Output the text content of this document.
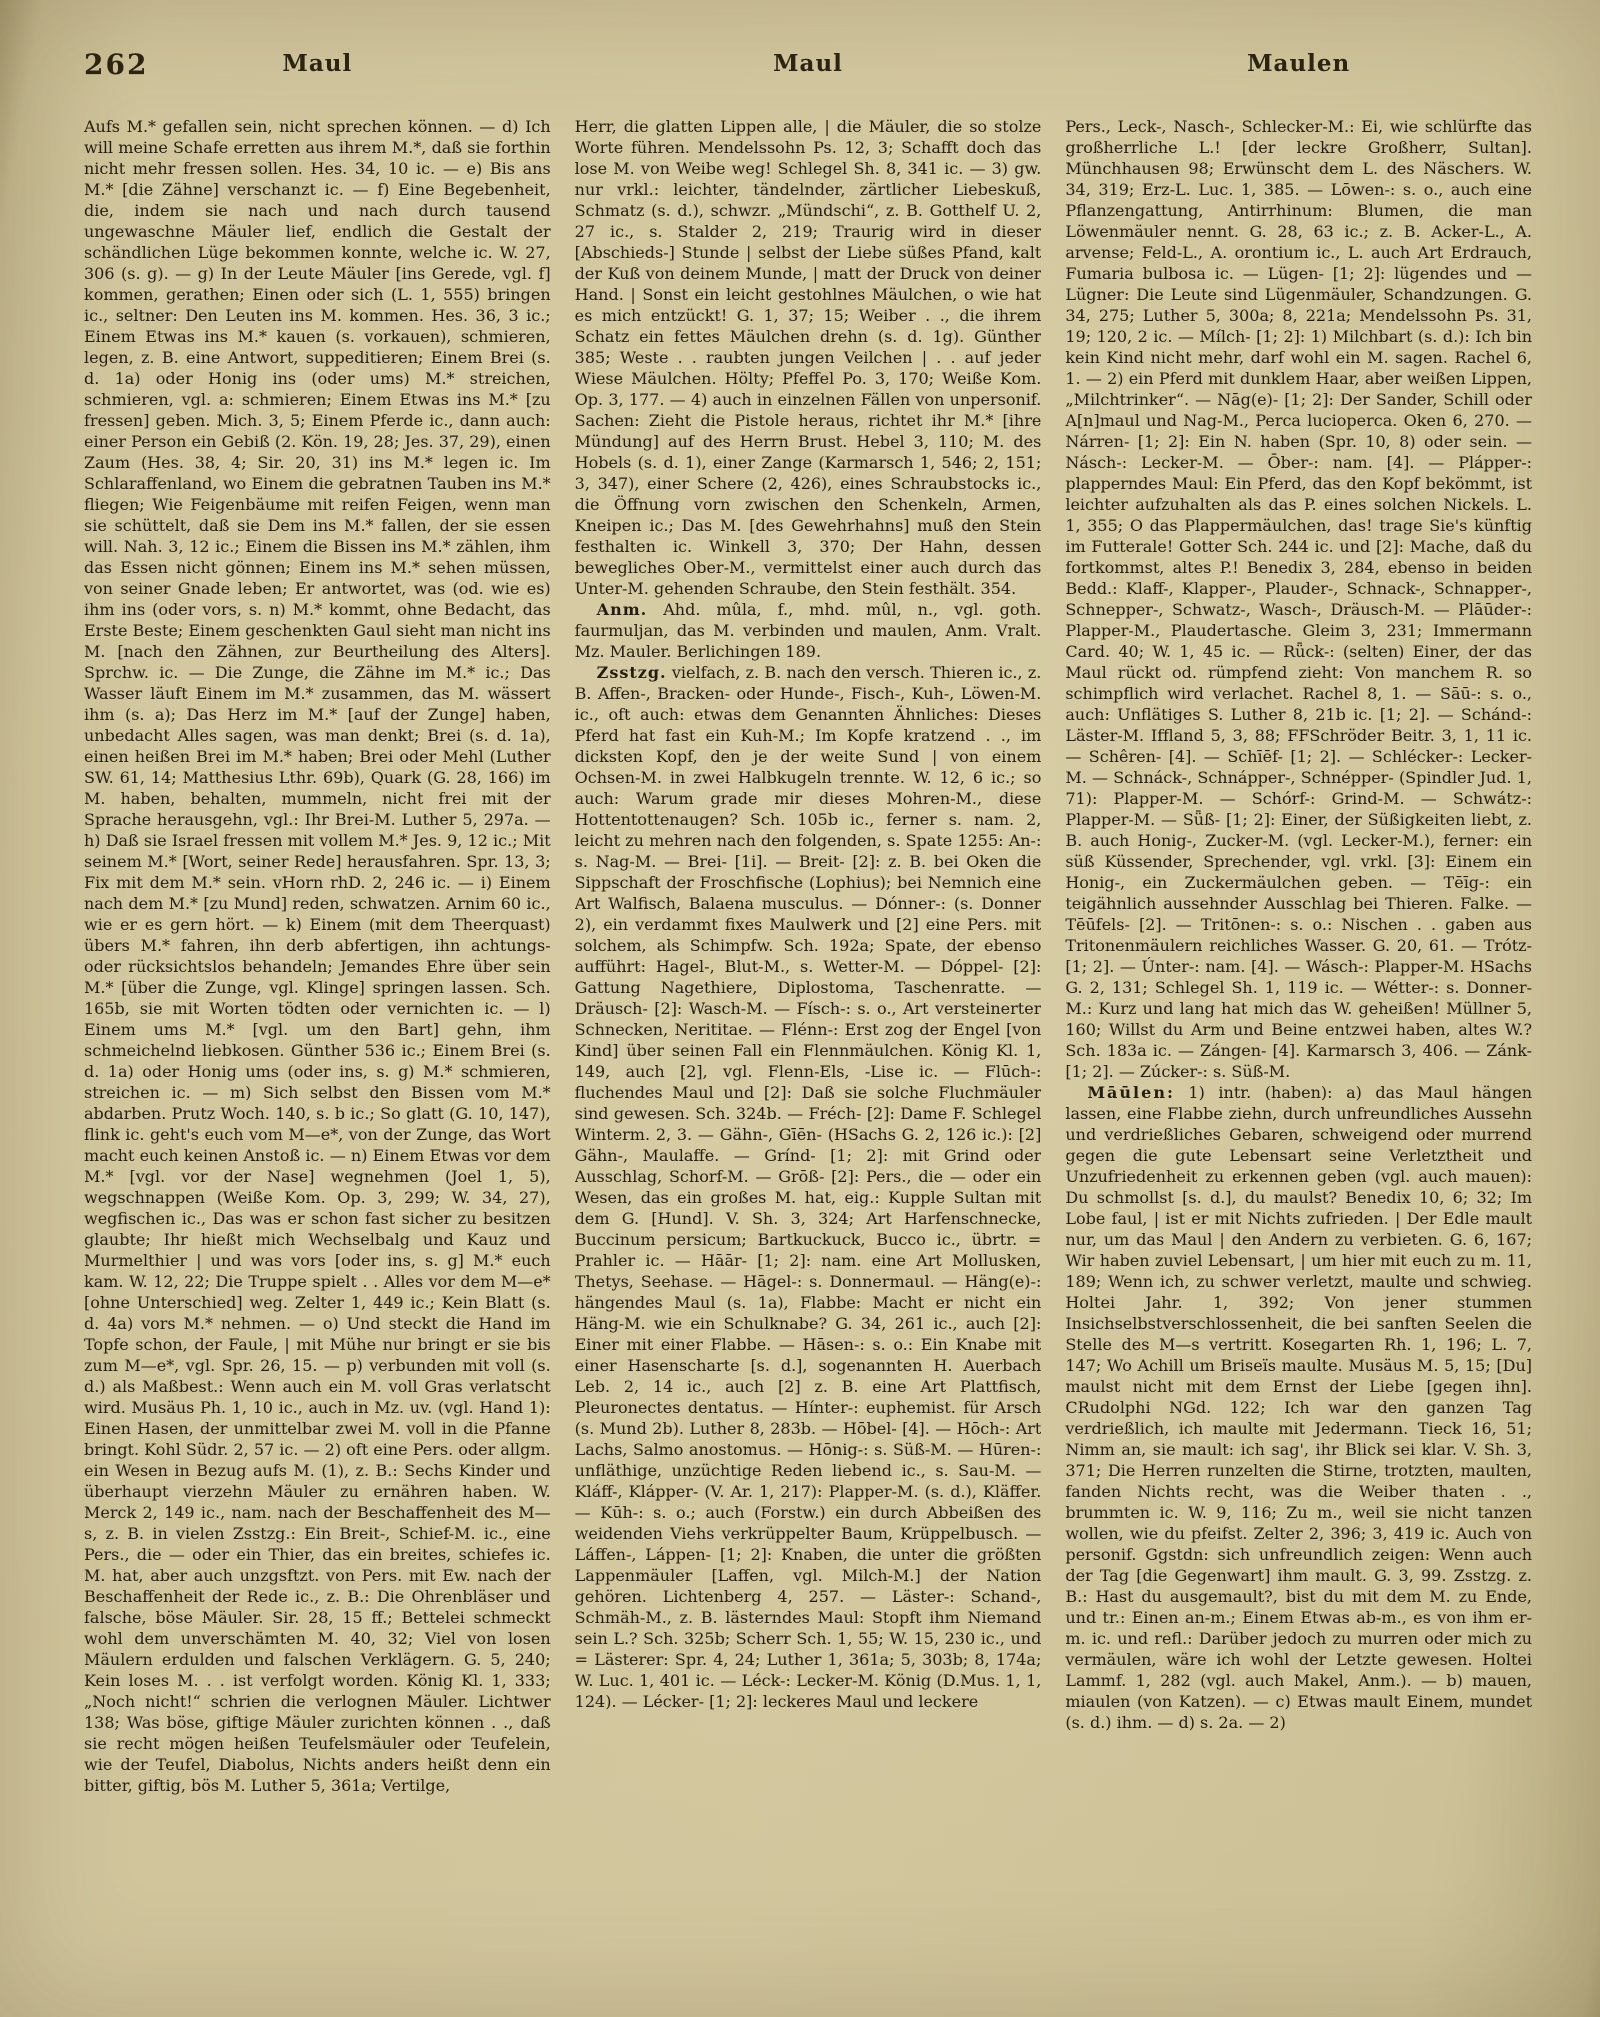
262	Maul	Maul	Maulen

Aufs M.* gefallen sein, nicht sprechen können. — d) Ich will meine Schafe erretten aus ihrem M.*, daß sie forthin nicht mehr fressen sollen. Hes. 34, 10 ic. — e) Bis ans M.* [die Zähne] verschanzt ic. — f) Eine Begebenheit, die, indem sie nach und nach durch tausend ungewaschne Mäuler lief, endlich die Gestalt der schändlichen Lüge bekommen konnte, welche ic. W. 27, 306 (s. g). — g) In der Leute Mäuler [ins Gerede, vgl. f] kommen, gerathen; Einen oder sich (L. 1, 555) bringen ic., seltner: Den Leuten ins M. kommen. Hes. 36, 3 ic.; Einem Etwas ins M.* kauen (s. vorkauen), schmieren, legen, z. B. eine Antwort, suppeditieren; Einem Brei (s. d. 1a) oder Honig ins (oder ums) M.* streichen, schmieren, vgl. a: schmieren; Einem Etwas ins M.* [zu fressen] geben. Mich. 3, 5; Einem Pferde ic., dann auch: einer Person ein Gebiß (2. Kön. 19, 28; Jes. 37, 29), einen Zaum (Hes. 38, 4; Sir. 20, 31) ins M.* legen ic. Im Schlaraffenland, wo Einem die gebratnen Tauben ins M.* fliegen; Wie Feigenbäume mit reifen Feigen, wenn man sie schüttelt, daß sie Dem ins M.* fallen, der sie essen will. Nah. 3, 12 ic.; Einem die Bissen ins M.* zählen, ihm das Essen nicht gönnen; Einem ins M.* sehen müssen, von seiner Gnade leben; Er antwortet, was (od. wie es) ihm ins (oder vors, s. n) M.* kommt, ohne Bedacht, das Erste Beste; Einem geschenkten Gaul sieht man nicht ins M. [nach den Zähnen, zur Beurtheilung des Alters]. Sprchw. ic. — Die Zunge, die Zähne im M.* ic.; Das Wasser läuft Einem im M.* zusammen, das M. wässert ihm (s. a); Das Herz im M.* [auf der Zunge] haben, unbedacht Alles sagen, was man denkt; Brei (s. d. 1a), einen heißen Brei im M.* haben; Brei oder Mehl (Luther SW. 61, 14; Matthesius Lthr. 69b), Quark (G. 28, 166) im M. haben, behalten, mummeln, nicht frei mit der Sprache herausgehn, vgl.: Ihr Brei-M. Luther 5, 297a. — h) Daß sie Israel fressen mit vollem M.* Jes. 9, 12 ic.; Mit seinem M.* [Wort, seiner Rede] herausfahren. Spr. 13, 3; Fix mit dem M.* sein. vHorn rhD. 2, 246 ic. — i) Einem nach dem M.* [zu Mund] reden, schwatzen. Arnim 60 ic., wie er es gern hört. — k) Einem (mit dem Theerquast) übers M.* fahren, ihn derb abfertigen, ihn achtungs- oder rücksichtslos behandeln; Jemandes Ehre über sein M.* [über die Zunge, vgl. Klinge] springen lassen. Sch. 165b, sie mit Worten tödten oder vernichten ic. — l) Einem ums M.* [vgl. um den Bart] gehn, ihm schmeichelnd liebkosen. Günther 536 ic.; Einem Brei (s. d. 1a) oder Honig ums (oder ins, s. g) M.* schmieren, streichen ic. — m) Sich selbst den Bissen vom M.* abdarben. Prutz Woch. 140, s. b ic.; So glatt (G. 10, 147), flink ic. geht's euch vom M—e*, von der Zunge, das Wort macht euch keinen Anstoß ic. — n) Einem Etwas vor dem M.* [vgl. vor der Nase] wegnehmen (Joel 1, 5), wegschnappen (Weiße Kom. Op. 3, 299; W. 34, 27), wegfischen ic., Das was er schon fast sicher zu besitzen glaubte; Ihr hießt mich Wechselbalg und Kauz und Murmelthier | und was vors [oder ins, s. g] M.* euch kam. W. 12, 22; Die Truppe spielt . . Alles vor dem M—e* [ohne Unterschied] weg. Zelter 1, 449 ic.; Kein Blatt (s. d. 4a) vors M.* nehmen. — o) Und steckt die Hand im Topfe schon, der Faule, | mit Mühe nur bringt er sie bis zum M—e*, vgl. Spr. 26, 15. — p) verbunden mit voll (s. d.) als Maßbest.: Wenn auch ein M. voll Gras verlatscht wird. Musäus Ph. 1, 10 ic., auch in Mz. uv. (vgl. Hand 1): Einen Hasen, der unmittelbar zwei M. voll in die Pfanne bringt. Kohl Südr. 2, 57 ic. — 2) oft eine Pers. oder allgm. ein Wesen in Bezug aufs M. (1), z. B.: Sechs Kinder und überhaupt vierzehn Mäuler zu ernähren haben. W. Merck 2, 149 ic., nam. nach der Beschaffenheit des M—s, z. B. in vielen Zsstzg.: Ein Breit-, Schief-M. ic., eine Pers., die — oder ein Thier, das ein breites, schiefes ic. M. hat, aber auch unzgsftzt. von Pers. mit Ew. nach der Beschaffenheit der Rede ic., z. B.: Die Ohrenbläser und falsche, böse Mäuler. Sir. 28, 15 ff.; Bettelei schmeckt wohl dem unverschämten M. 40, 32; Viel von losen Mäulern erdulden und falschen Verklägern. G. 5, 240; Kein loses M. . . ist verfolgt worden. König Kl. 1, 333; „Noch nicht!“ schrien die verlognen Mäuler. Lichtwer 138; Was böse, giftige Mäuler zurichten können . ., daß sie recht mögen heißen Teufelsmäuler oder Teufelein, wie der Teufel, Diabolus, Nichts anders heißt denn ein bitter, giftig, bös M. Luther 5, 361a; Vertilge,

Herr, die glatten Lippen alle, | die Mäuler, die so stolze Worte führen. Mendelssohn Ps. 12, 3; Schafft doch das lose M. von Weibe weg! Schlegel Sh. 8, 341 ic. — 3) gw. nur vrkl.: leichter, tändelnder, zärtlicher Liebeskuß, Schmatz (s. d.), schwzr. „Mündschi“, z. B. Gotthelf U. 2, 27 ic., s. Stalder 2, 219; Traurig wird in dieser [Abschieds-] Stunde | selbst der Liebe süßes Pfand, kalt der Kuß von deinem Munde, | matt der Druck von deiner Hand. | Sonst ein leicht gestohlnes Mäulchen, o wie hat es mich entzückt! G. 1, 37; 15; Weiber . ., die ihrem Schatz ein fettes Mäulchen drehn (s. d. 1g). Günther 385; Weste . . raubten jungen Veilchen | . . auf jeder Wiese Mäulchen. Hölty; Pfeffel Po. 3, 170; Weiße Kom. Op. 3, 177. — 4) auch in einzelnen Fällen von unpersonif. Sachen: Zieht die Pistole heraus, richtet ihr M.* [ihre Mündung] auf des Herrn Brust. Hebel 3, 110; M. des Hobels (s. d. 1), einer Zange (Karmarsch 1, 546; 2, 151; 3, 347), einer Schere (2, 426), eines Schraubstocks ic., die Öffnung vorn zwischen den Schenkeln, Armen, Kneipen ic.; Das M. [des Gewehrhahns] muß den Stein festhalten ic. Winkell 3, 370; Der Hahn, dessen bewegliches Ober-M., vermittelst einer auch durch das Unter-M. gehenden Schraube, den Stein festhält. 354.

Anm. Ahd. mûla, f., mhd. mûl, n., vgl. goth. faurmuljan, das M. verbinden und maulen, Anm. Vralt. Mz. Mauler. Berlichingen 189.

Zsstzg. vielfach, z. B. nach den versch. Thieren ic., z. B. Affen-, Bracken- oder Hunde-, Fisch-, Kuh-, Löwen-M. ic., oft auch: etwas dem Genannten Ähnliches: Dieses Pferd hat fast ein Kuh-M.; Im Kopfe kratzend . ., im dicksten Kopf, den je der weite Sund | von einem Ochsen-M. in zwei Halbkugeln trennte. W. 12, 6 ic.; so auch: Warum grade mir dieses Mohren-M., diese Hottentottenaugen? Sch. 105b ic., ferner s. nam. 2, leicht zu mehren nach den folgenden, s. Spate 1255: An-: s. Nag-M. — Brei- [1i]. — Breit- [2]: z. B. bei Oken die Sippschaft der Froschfische (Lophius); bei Nemnich eine Art Walfisch, Balaena musculus. — Dónner-: (s. Donner 2), ein verdammt fixes Maulwerk und [2] eine Pers. mit solchem, als Schimpfw. Sch. 192a; Spate, der ebenso aufführt: Hagel-, Blut-M., s. Wetter-M. — Dóppel- [2]: Gattung Nagethiere, Diplostoma, Taschenratte. — Dräusch- [2]: Wasch-M. — Físch-: s. o., Art versteinerter Schnecken, Nerititae. — Flénn-: Erst zog der Engel [von Kind] über seinen Fall ein Flennmäulchen. König Kl. 1, 149, auch [2], vgl. Flenn-Els, -Lise ic. — Flūch-: fluchendes Maul und [2]: Daß sie solche Fluchmäuler sind gewesen. Sch. 324b. — Fréch- [2]: Dame F. Schlegel Winterm. 2, 3. — Gähn-, Gīēn- (HSachs G. 2, 126 ic.): [2] Gähn-, Maulaffe. — Grínd- [1; 2]: mit Grind oder Ausschlag, Schorf-M. — Grōß- [2]: Pers., die — oder ein Wesen, das ein großes M. hat, eig.: Kupple Sultan mit dem G. [Hund]. V. Sh. 3, 324; Art Harfenschnecke, Buccinum persicum; Bartkuckuck, Bucco ic., übrtr. = Prahler ic. — Hāār- [1; 2]: nam. eine Art Mollusken, Thetys, Seehase. — Hāgel-: s. Donnermaul. — Häng(e)-: hängendes Maul (s. 1a), Flabbe: Macht er nicht ein Häng-M. wie ein Schulknabe? G. 34, 261 ic., auch [2]: Einer mit einer Flabbe. — Hāsen-: s. o.: Ein Knabe mit einer Hasenscharte [s. d.], sogenannten H. Auerbach Leb. 2, 14 ic., auch [2] z. B. eine Art Plattfisch, Pleuronectes dentatus. — Hínter-: euphemist. für Arsch (s. Mund 2b). Luther 8, 283b. — Hōbel- [4]. — Hōch-: Art Lachs, Salmo anostomus. — Hōnig-: s. Süß-M. — Hūren-: unfläthige, unzüchtige Reden liebend ic., s. Sau-M. — Kláff-, Klápper- (V. Ar. 1, 217): Plapper-M. (s. d.), Kläffer. — Kūh-: s. o.; auch (Forstw.) ein durch Abbeißen des weidenden Viehs verkrüppelter Baum, Krüppelbusch. — Láffen-, Láppen- [1; 2]: Knaben, die unter die größten Lappenmäuler [Laffen, vgl. Milch-M.] der Nation gehören. Lichtenberg 4, 257. — Läster-: Schand-, Schmäh-M., z. B. lästerndes Maul: Stopft ihm Niemand sein L.? Sch. 325b; Scherr Sch. 1, 55; W. 15, 230 ic., und = Lästerer: Spr. 4, 24; Luther 1, 361a; 5, 303b; 8, 174a; W. Luc. 1, 401 ic. — Léck-: Lecker-M. König (D.Mus. 1, 1, 124). — Lécker- [1; 2]: leckeres Maul und leckere

Pers., Leck-, Nasch-, Schlecker-M.: Ei, wie schlürfte das großherrliche L.! [der leckre Großherr, Sultan]. Münchhausen 98; Erwünscht dem L. des Näschers. W. 34, 319; Erz-L. Luc. 1, 385. — Lōwen-: s. o., auch eine Pflanzengattung, Antirrhinum: Blumen, die man Löwenmäuler nennt. G. 28, 63 ic.; z. B. Acker-L., A. arvense; Feld-L., A. orontium ic., L. auch Art Erdrauch, Fumaria bulbosa ic. — Lügen- [1; 2]: lügendes und — Lügner: Die Leute sind Lügenmäuler, Schandzungen. G. 34, 275; Luther 5, 300a; 8, 221a; Mendelssohn Ps. 31, 19; 120, 2 ic. — Mílch- [1; 2]: 1) Milchbart (s. d.): Ich bin kein Kind nicht mehr, darf wohl ein M. sagen. Rachel 6, 1. — 2) ein Pferd mit dunklem Haar, aber weißen Lippen, „Milchtrinker“. — Nāg(e)- [1; 2]: Der Sander, Schill oder A[n]maul und Nag-M., Perca lucioperca. Oken 6, 270. — Nárren- [1; 2]: Ein N. haben (Spr. 10, 8) oder sein. — Násch-: Lecker-M. — Ōber-: nam. [4]. — Plápper-: plapperndes Maul: Ein Pferd, das den Kopf bekömmt, ist leichter aufzuhalten als das P. eines solchen Nickels. L. 1, 355; O das Plappermäulchen, das! trage Sie's künftig im Futterale! Gotter Sch. 244 ic. und [2]: Mache, daß du fortkommst, altes P.! Benedix 3, 284, ebenso in beiden Bedd.: Klaff-, Klapper-, Plauder-, Schnack-, Schnapper-, Schnepper-, Schwatz-, Wasch-, Dräusch-M. — Plāūder-: Plapper-M., Plaudertasche. Gleim 3, 231; Immermann Card. 40; W. 1, 45 ic. — Rǖck-: (selten) Einer, der das Maul rückt od. rümpfend zieht: Von manchem R. so schimpflich wird verlachet. Rachel 8, 1. — Sāū-: s. o., auch: Unflätiges S. Luther 8, 21b ic. [1; 2]. — Schánd-: Läster-M. Iffland 5, 3, 88; FFSchröder Beitr. 3, 1, 11 ic. — Schêren- [4]. — Schīēf- [1; 2]. — Schlécker-: Lecker-M. — Schnáck-, Schnápper-, Schnépper- (Spindler Jud. 1, 71): Plapper-M. — Schórf-: Grind-M. — Schwátz-: Plapper-M. — Sǖß- [1; 2]: Einer, der Süßigkeiten liebt, z. B. auch Honig-, Zucker-M. (vgl. Lecker-M.), ferner: ein süß Küssender, Sprechender, vgl. vrkl. [3]: Einem ein Honig-, ein Zuckermäulchen geben. — Tēīg-: ein teigähnlich aussehnder Ausschlag bei Thieren. Falke. — Tēūfels- [2]. — Tritōnen-: s. o.: Nischen . . gaben aus Tritonenmäulern reichliches Wasser. G. 20, 61. — Trótz- [1; 2]. — Únter-: nam. [4]. — Wásch-: Plapper-M. HSachs G. 2, 131; Schlegel Sh. 1, 119 ic. — Wétter-: s. Donner-M.: Kurz und lang hat mich das W. geheißen! Müllner 5, 160; Willst du Arm und Beine entzwei haben, altes W.? Sch. 183a ic. — Zángen- [4]. Karmarsch 3, 406. — Zánk- [1; 2]. — Zúcker-: s. Süß-M.

Māūlen: 1) intr. (haben): a) das Maul hängen lassen, eine Flabbe ziehn, durch unfreundliches Aussehn und verdrießliches Gebaren, schweigend oder murrend gegen die gute Lebensart seine Verletztheit und Unzufriedenheit zu erkennen geben (vgl. auch mauen): Du schmollst [s. d.], du maulst? Benedix 10, 6; 32; Im Lobe faul, | ist er mit Nichts zufrieden. | Der Edle mault nur, um das Maul | den Andern zu verbieten. G. 6, 167; Wir haben zuviel Lebensart, | um hier mit euch zu m. 11, 189; Wenn ich, zu schwer verletzt, maulte und schwieg. Holtei Jahr. 1, 392; Von jener stummen Insichselbstverschlossenheit, die bei sanften Seelen die Stelle des M—s vertritt. Kosegarten Rh. 1, 196; L. 7, 147; Wo Achill um Briseïs maulte. Musäus M. 5, 15; [Du] maulst nicht mit dem Ernst der Liebe [gegen ihn]. CRudolphi NGd. 122; Ich war den ganzen Tag verdrießlich, ich maulte mit Jedermann. Tieck 16, 51; Nimm an, sie mault: ich sag', ihr Blick sei klar. V. Sh. 3, 371; Die Herren runzelten die Stirne, trotzten, maulten, fanden Nichts recht, was die Weiber thaten . ., brummten ic. W. 9, 116; Zu m., weil sie nicht tanzen wollen, wie du pfeifst. Zelter 2, 396; 3, 419 ic. Auch von personif. Ggstdn: sich unfreundlich zeigen: Wenn auch der Tag [die Gegenwart] ihm mault. G. 3, 99. Zsstzg. z. B.: Hast du ausgemault?, bist du mit dem M. zu Ende, und tr.: Einen an-m.; Einem Etwas ab-m., es von ihm er-m. ic. und refl.: Darüber jedoch zu murren oder mich zu vermäulen, wäre ich wohl der Letzte gewesen. Holtei Lammf. 1, 282 (vgl. auch Makel, Anm.). — b) mauen, miaulen (von Katzen). — c) Etwas mault Einem, mundet (s. d.) ihm. — d) s. 2a. — 2)
